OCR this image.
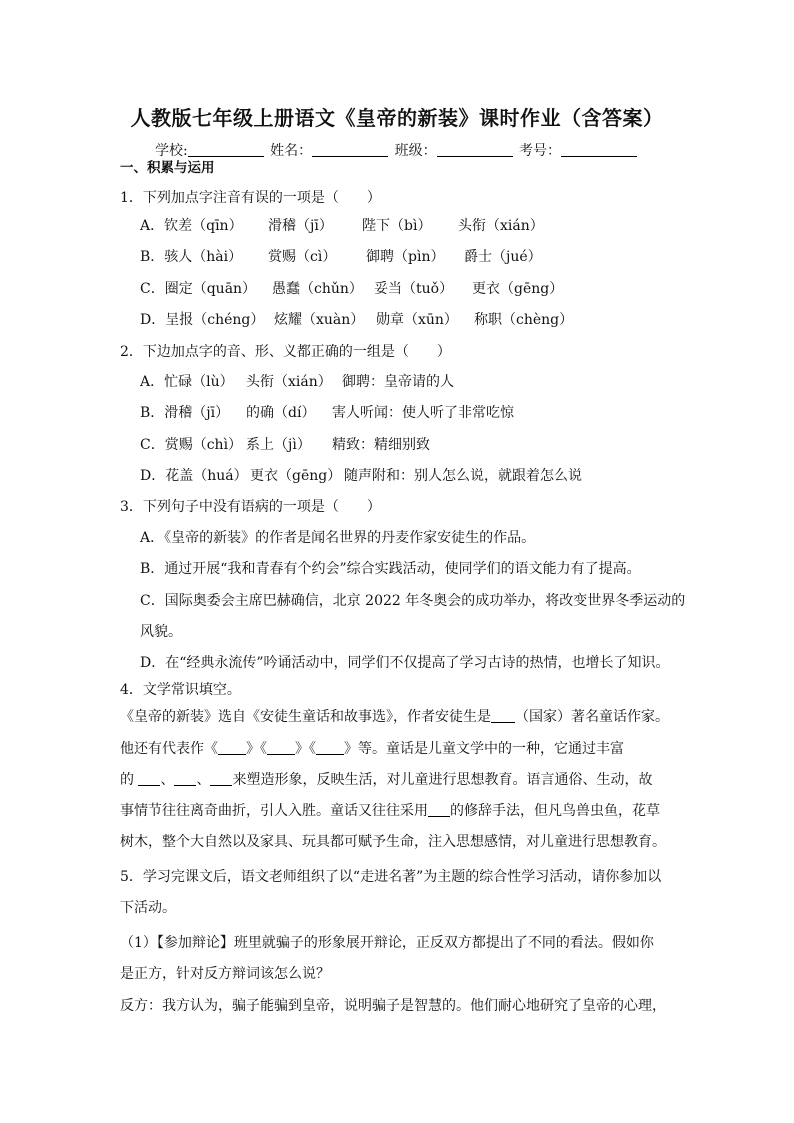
人教版七年级上册语文《皇帝的新装》课时作业（含答案）
学校:	姓名：	班级：	考号：
一、积累与运用
1．下列加点字注音有误的一项是（　　）
A．钦差（qīn） 滑稽（jī） 陛下（bì） 头衔（xián）
B．骇人（hài） 赏赐（cì） 御聘（pìn） 爵士（jué）
C．圈定（quān） 愚蠢（chǔn） 妥当（tuǒ） 更衣（gēng）
D．呈报（chéng） 炫耀（xuàn） 勋章（xūn） 称职（chèng）
2．下边加点字的音、形、义都正确的一组是（　　）
A．忙碌（lù） 头衔（xián） 御聘：皇帝请的人
B．滑稽（jī） 的确（dí） 害人听闻：使人听了非常吃惊
C．赏赐（chì） 系上（jì） 精致：精细别致
D．花盖（huá） 更衣（gēng） 随声附和：别人怎么说，就跟着怎么说
3．下列句子中没有语病的一项是（　　）
A．《皇帝的新装》的作者是闻名世界的丹麦作家安徒生的作品。
B．通过开展“我和青春有个约会”综合实践活动，使同学们的语文能力有了提高。
C．国际奥委会主席巴赫确信，北京 2022 年冬奥会的成功举办，将改变世界冬季运动的
风貌。
D．在“经典永流传”吟诵活动中，同学们不仅提高了学习古诗的热情，也增长了知识。
4．文学常识填空。
《皇帝的新装》选自《安徒生童话和故事选》，作者安徒生是 （国家）著名童话作家。
他还有代表作《 》《 》《 》等。童话是儿童文学中的一种，它通过丰富
的 、 、 来塑造形象，反映生活，对儿童进行思想教育。语言通俗、生动，故
事情节往往离奇曲折，引人入胜。童话又往往采用 的修辞手法，但凡鸟兽虫鱼，花草
树木，整个大自然以及家具、玩具都可赋予生命，注入思想感情，对儿童进行思想教育。
5．学习完课文后，语文老师组织了以“走进名著”为主题的综合性学习活动，请你参加以
下活动。
（1）【参加辩论】班里就骗子的形象展开辩论，正反双方都提出了不同的看法。假如你
是正方，针对反方辩词该怎么说？
反方：我方认为，骗子能骗到皇帝，说明骗子是智慧的。他们耐心地研究了皇帝的心理，
